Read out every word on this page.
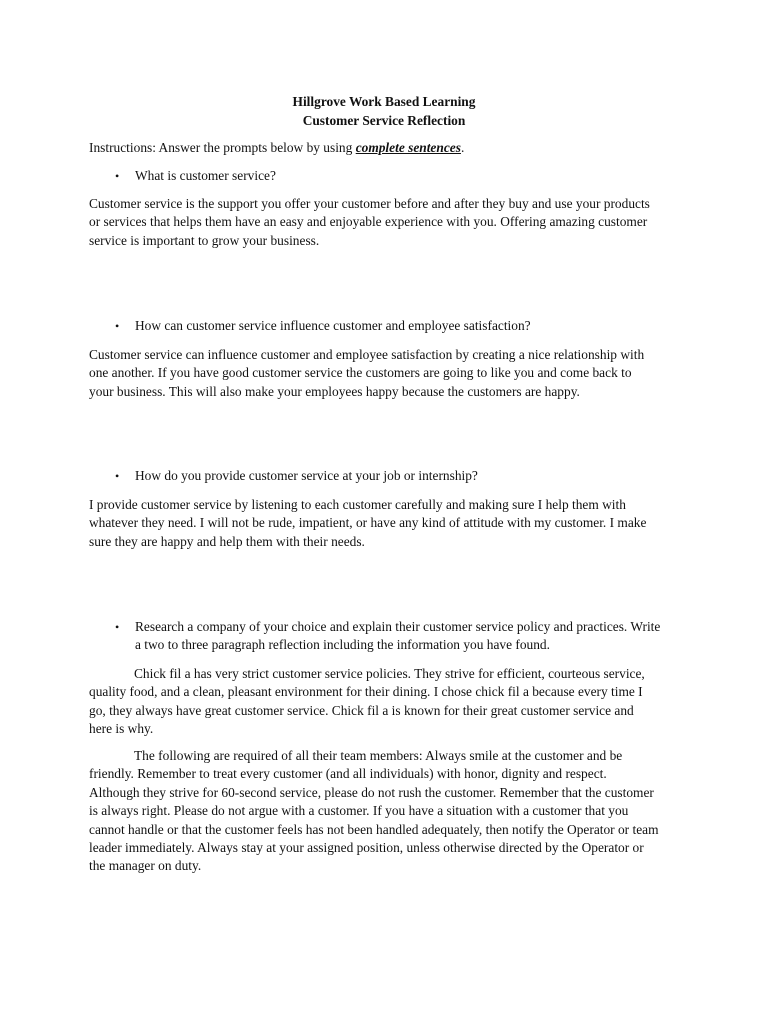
Hillgrove Work Based Learning
Customer Service Reflection
Instructions: Answer the prompts below by using complete sentences.
• What is customer service?
Customer service is the support you offer your customer before and after they buy and use your products
or services that helps them have an easy and enjoyable experience with you. Offering amazing customer
service is important to grow your business.
• How can customer service influence customer and employee satisfaction?
Customer service can influence customer and employee satisfaction by creating a nice relationship with
one another. If you have good customer service the customers are going to like you and come back to
your business. This will also make your employees happy because the customers are happy.
• How do you provide customer service at your job or internship?
I provide customer service by listening to each customer carefully and making sure I help them with
whatever they need. I will not be rude, impatient, or have any kind of attitude with my customer. I make
sure they are happy and help them with their needs.
• Research a company of your choice and explain their customer service policy and practices. Write
a two to three paragraph reflection including the information you have found.
Chick fil a has very strict customer service policies. They strive for efficient, courteous service,
quality food, and a clean, pleasant environment for their dining. I chose chick fil a because every time I
go, they always have great customer service. Chick fil a is known for their great customer service and
here is why.
The following are required of all their team members: Always smile at the customer and be
friendly. Remember to treat every customer (and all individuals) with honor, dignity and respect.
Although they strive for 60-second service, please do not rush the customer. Remember that the customer
is always right. Please do not argue with a customer. If you have a situation with a customer that you
cannot handle or that the customer feels has not been handled adequately, then notify the Operator or team
leader immediately. Always stay at your assigned position, unless otherwise directed by the Operator or
the manager on duty.
